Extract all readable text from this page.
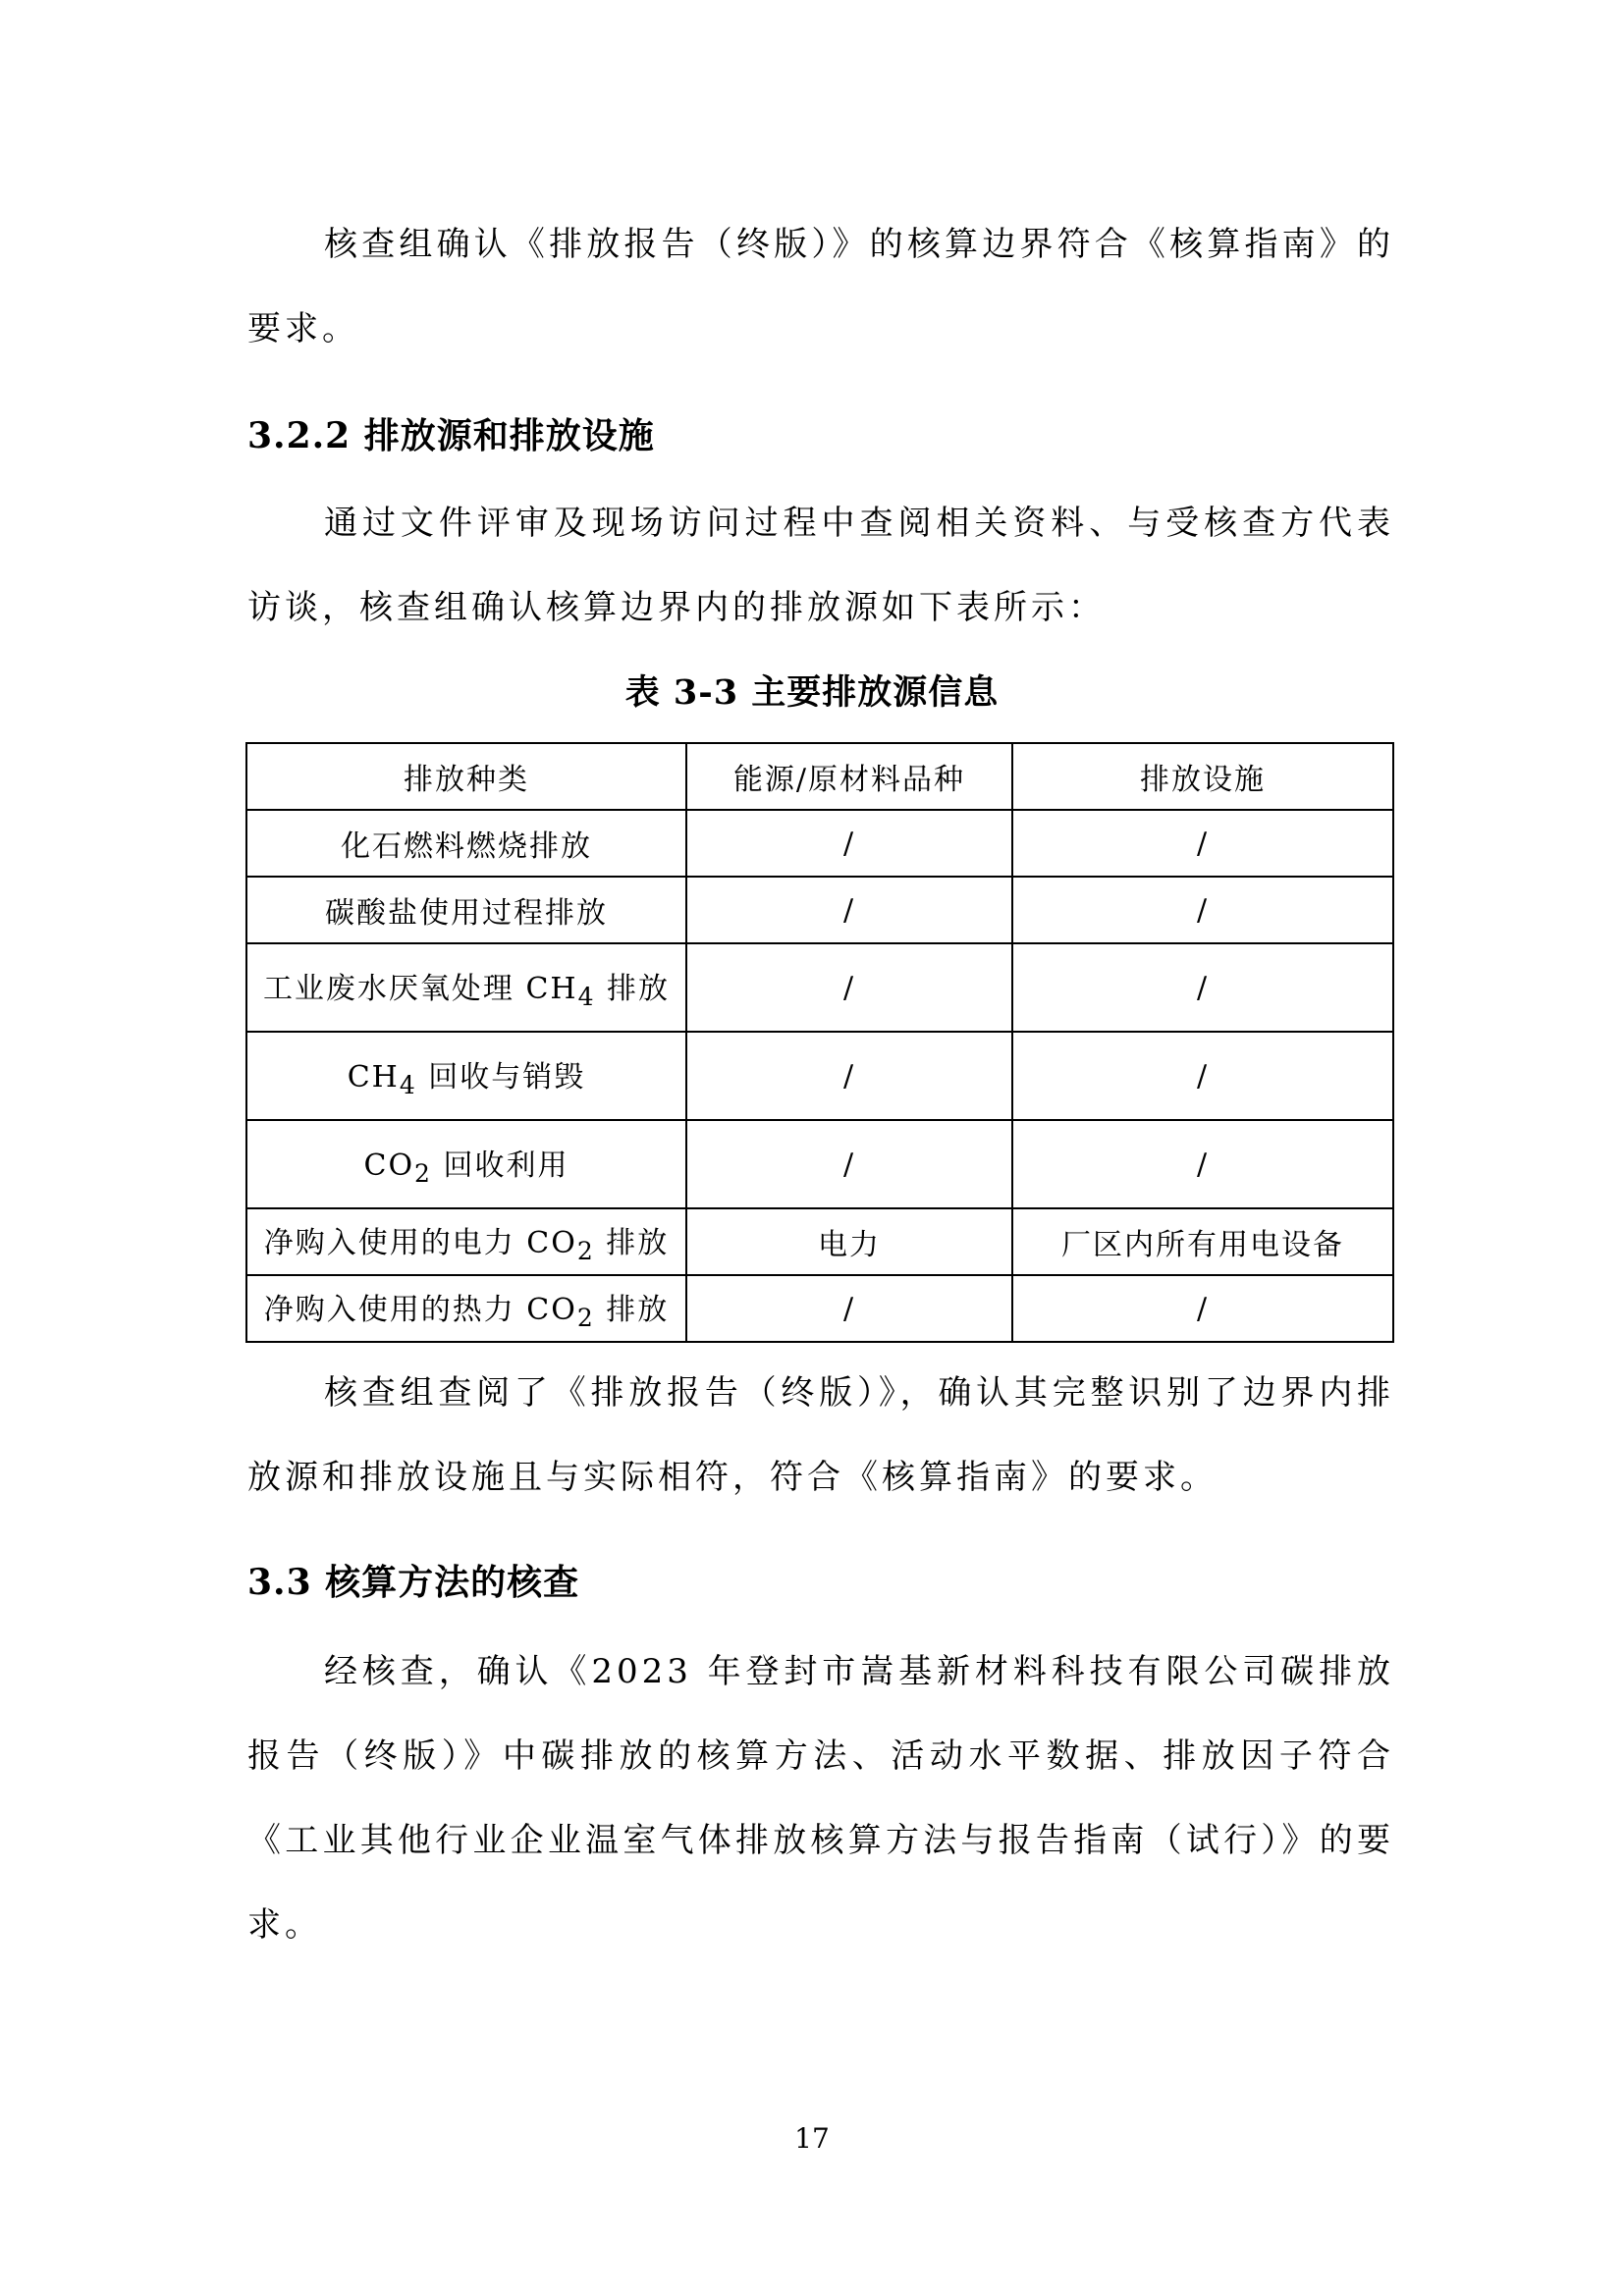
核查组确认《排放报告（终版）》的核算边界符合《核算指南》的要求。

3.2.2 排放源和排放设施

通过文件评审及现场访问过程中查阅相关资料、与受核查方代表访谈，核查组确认核算边界内的排放源如下表所示：

表 3-3 主要排放源信息

排放种类	能源/原材料品种	排放设施
化石燃料燃烧排放	/	/
碳酸盐使用过程排放	/	/
工业废水厌氧处理 $CH_4$ 排放	/	/
$CH_4$ 回收与销毁	/	/
$CO_2$ 回收利用	/	/
净购入使用的电力 $CO_2$ 排放	电力	厂区内所有用电设备
净购入使用的热力 $CO_2$ 排放	/	/

核查组查阅了《排放报告（终版）》，确认其完整识别了边界内排放源和排放设施且与实际相符，符合《核算指南》的要求。

3.3 核算方法的核查

经核查，确认《2023 年登封市嵩基新材料科技有限公司碳排放报告（终版）》中碳排放的核算方法、活动水平数据、排放因子符合《工业其他行业企业温室气体排放核算方法与报告指南（试行）》的要求。

17
